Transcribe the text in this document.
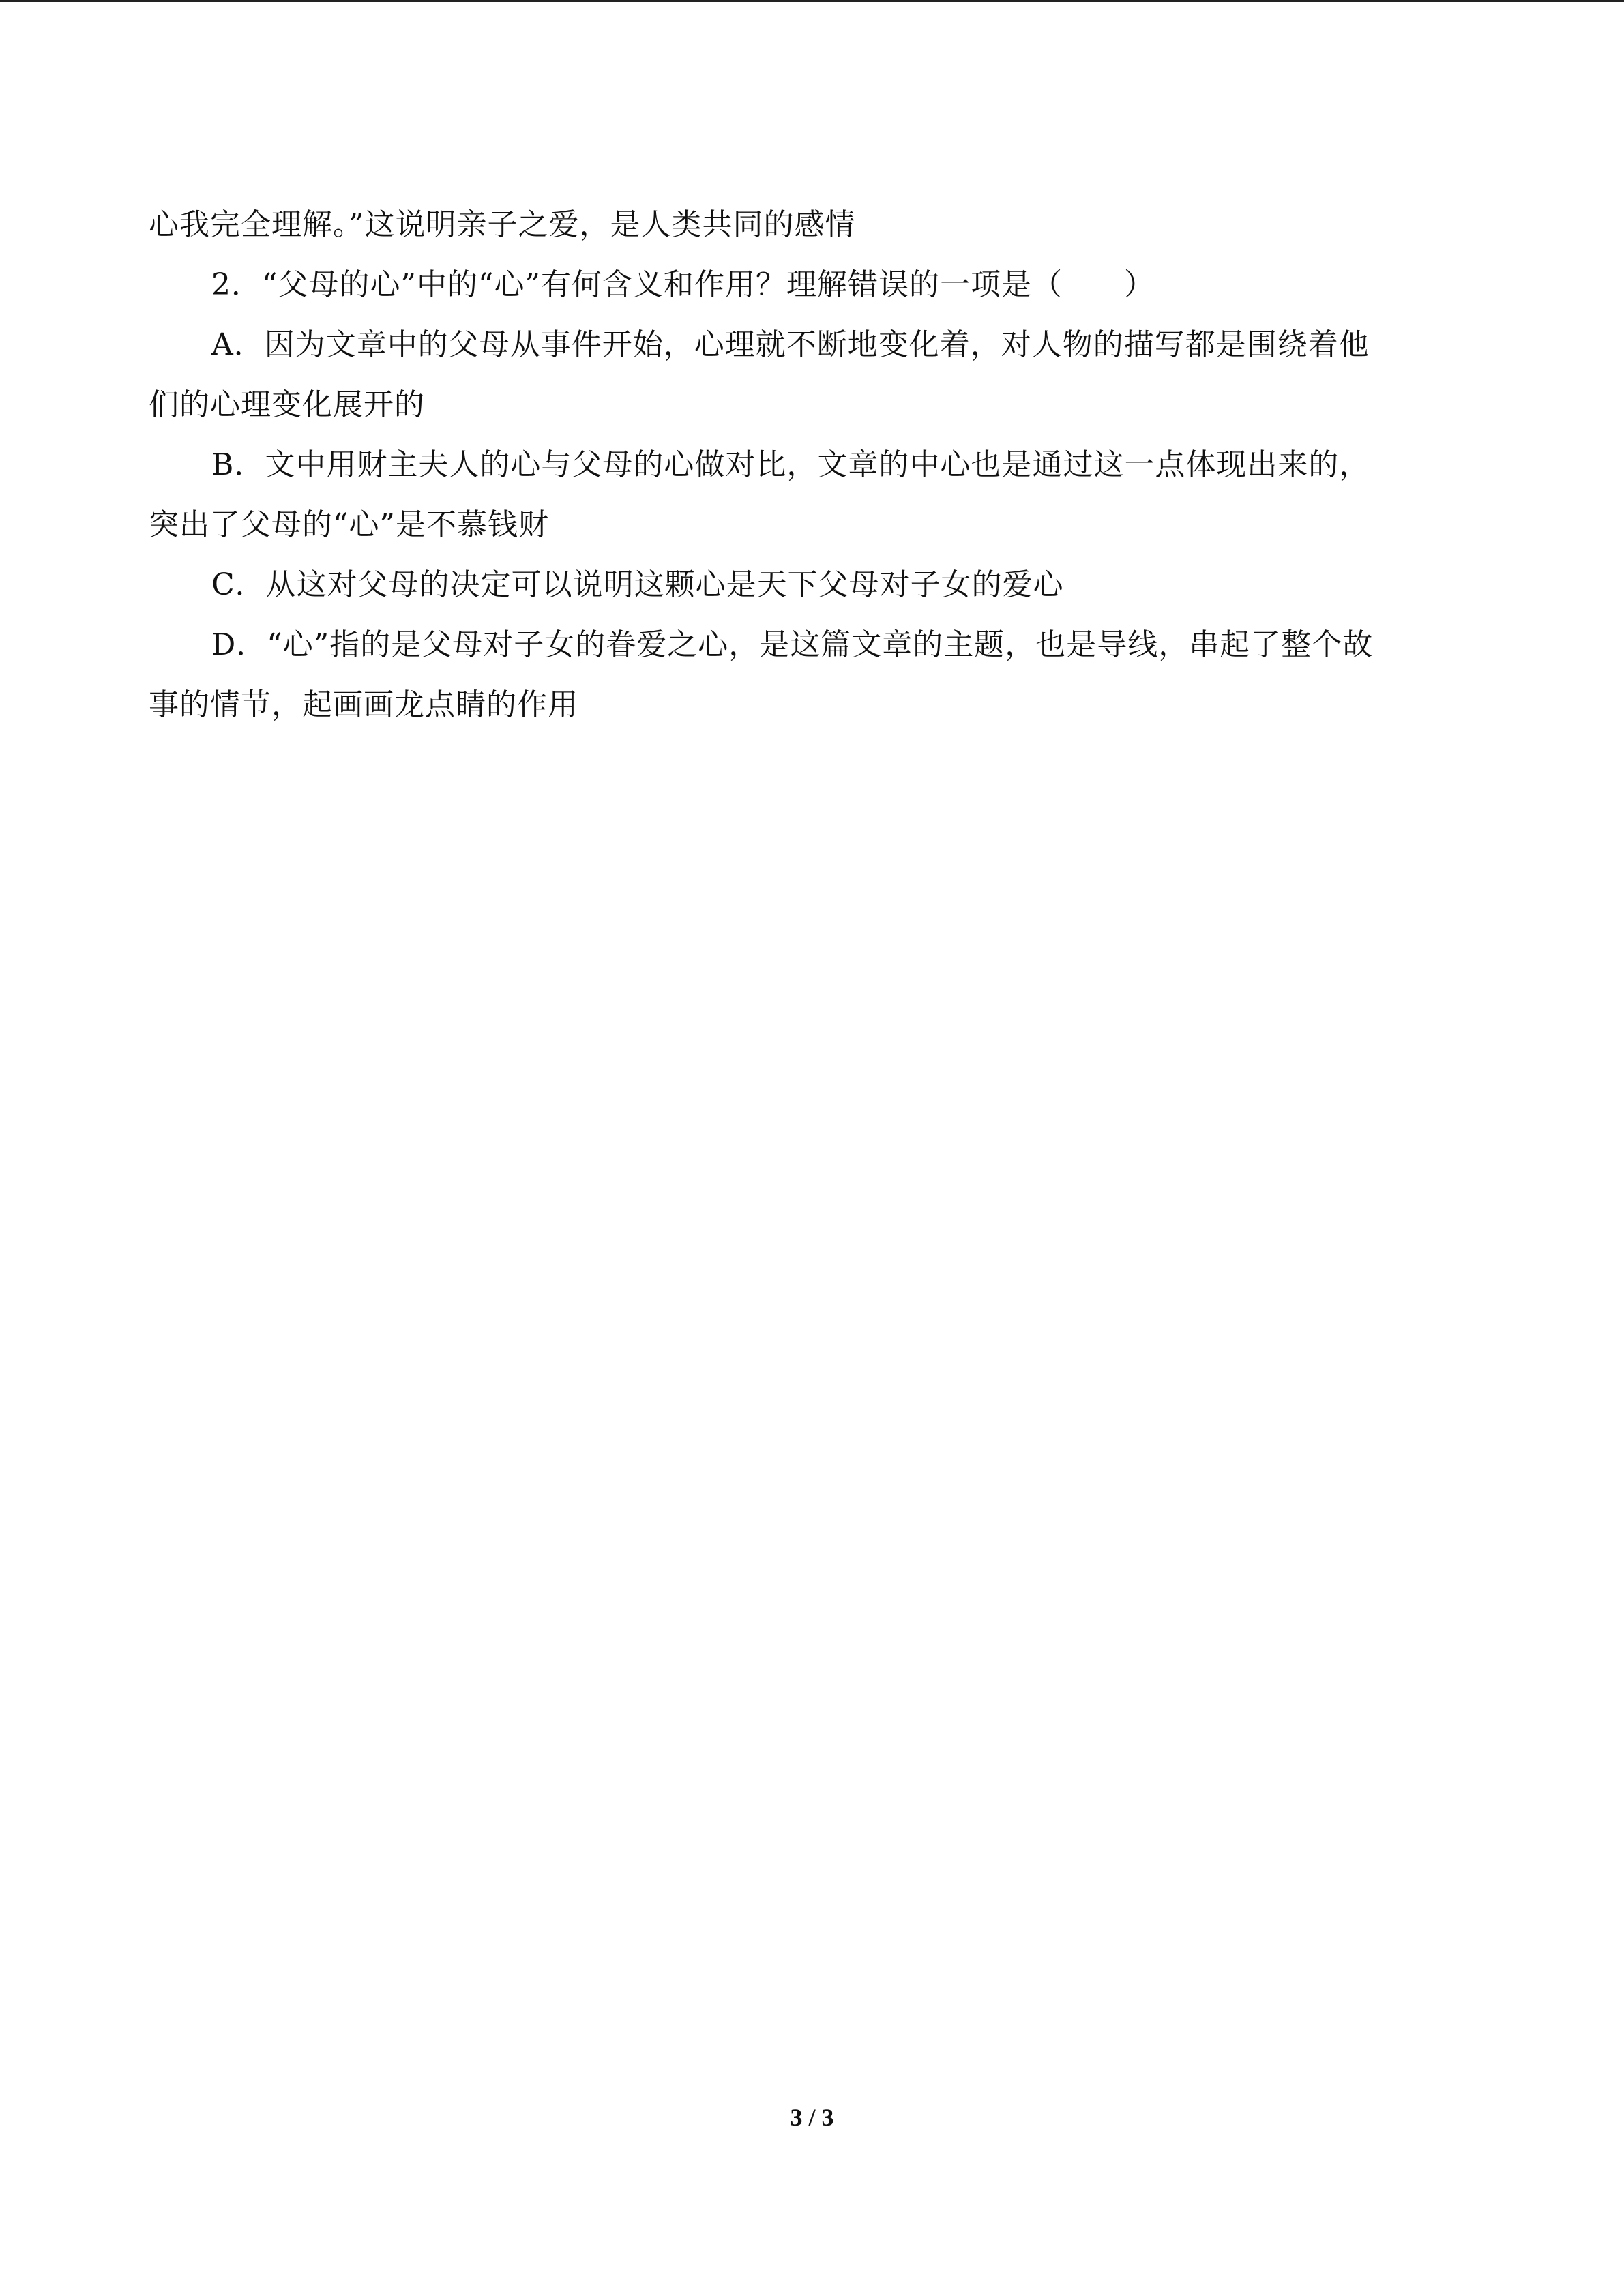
心我完全理解。”这说明亲子之爱，是人类共同的感情
2．“父母的心”中的“心”有何含义和作用？理解错误的一项是（　　）
A．因为文章中的父母从事件开始，心理就不断地变化着，对人物的描写都是围绕着他
们的心理变化展开的
B．文中用财主夫人的心与父母的心做对比，文章的中心也是通过这一点体现出来的，
突出了父母的“心”是不慕钱财
C．从这对父母的决定可以说明这颗心是天下父母对子女的爱心
D．“心”指的是父母对子女的眷爱之心，是这篇文章的主题，也是导线，串起了整个故
事的情节，起画画龙点睛的作用
3 / 3
